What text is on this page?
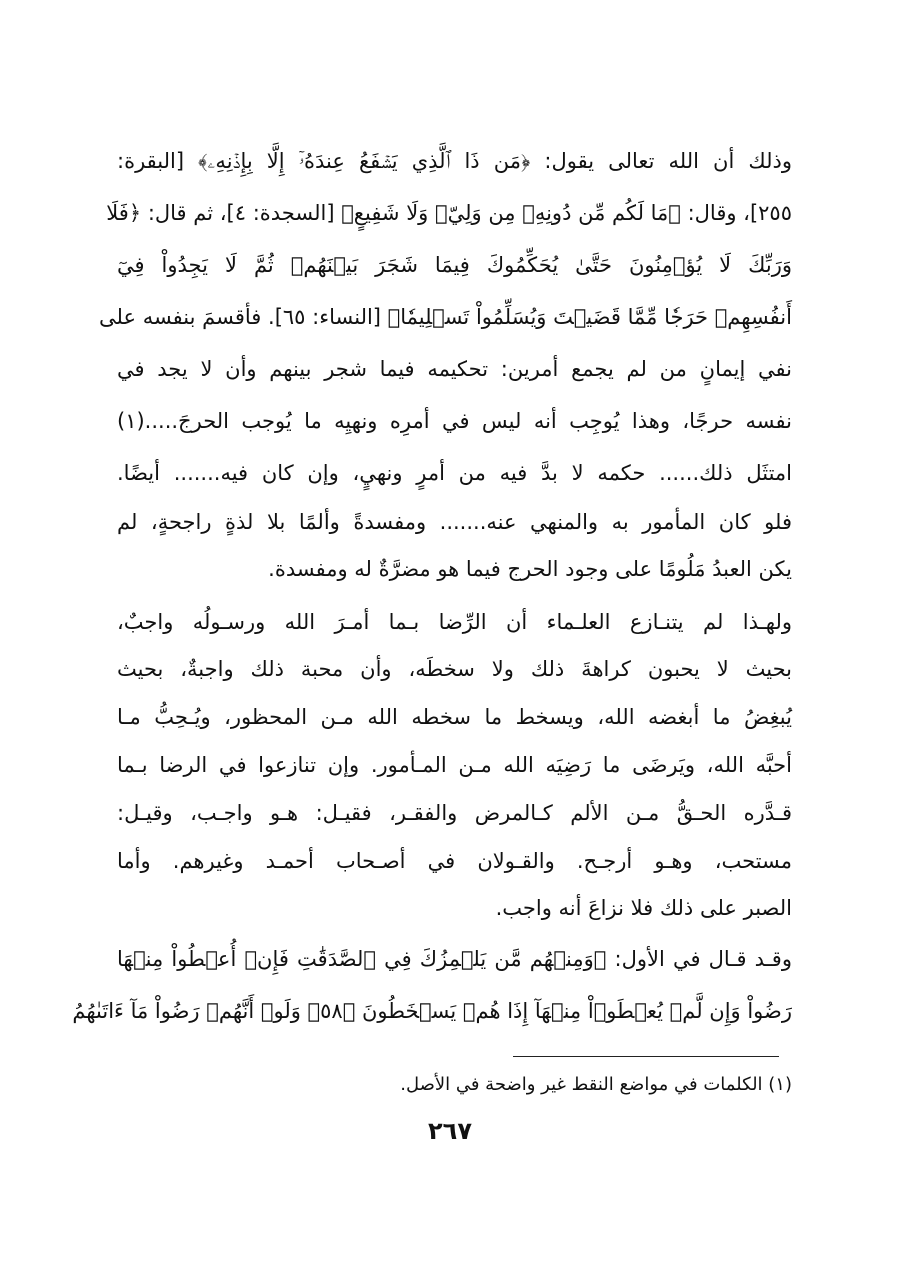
وذلك أن الله تعالى يقول: ﴿مَن ذَا ٱلَّذِي يَشۡفَعُ عِندَهُۥٓ إِلَّا بِإِذۡنِهِۦ﴾ [البقرة:
٢٥٥]، وقال: ﴿مَا لَكُم مِّن دُونِهِۦ مِن وَلِيّٖ وَلَا شَفِيعٍ﴾ [السجدة: ٤]، ثم قال: ﴿فَلَا
وَرَبِّكَ لَا يُؤۡمِنُونَ حَتَّىٰ يُحَكِّمُوكَ فِيمَا شَجَرَ بَيۡنَهُمۡ ثُمَّ لَا يَجِدُواْ فِيٓ
أَنفُسِهِمۡ حَرَجٗا مِّمَّا قَضَيۡتَ وَيُسَلِّمُواْ تَسۡلِيمٗا﴾ [النساء: ٦٥]. فأقسمَ بنفسه على
نفي إيمانٍ من لم يجمع أمرين: تحكيمه فيما شجر بينهم وأن لا يجد في
نفسه حرجًا، وهذا يُوجِب أنه ليس في أمرِه ونهيِه ما يُوجب الحرجَ.....(١)
امتثَل ذلك...... حكمه لا بدَّ فيه من أمرٍ ونهيٍ، وإن كان فيه....... أيضًا.
فلو كان المأمور به والمنهي عنه....... ومفسدةً وألمًا بلا لذةٍ راجحةٍ، لم
يكن العبدُ مَلُومًا على وجود الحرج فيما هو مضرَّةٌ له ومفسدة.
ولهـذا لم يتنـازع العلـماء أن الرِّضا بـما أمـرَ الله ورسـولُه واجبٌ،
بحيث لا يحبون كراهةَ ذلك ولا سخطَه، وأن محبة ذلك واجبةٌ، بحيث
يُبغِضُ ما أبغضه الله، ويسخط ما سخطه الله مـن المحظور، ويُـحِبُّ مـا
أحبَّه الله، ويَرضَى ما رَضِيَه الله مـن المـأمور. وإن تنازعوا في الرضا بـما
قـدَّره الحـقُّ مـن الألم كـالمرض والفقـر، فقيـل: هـو واجـب، وقيـل:
مستحب، وهـو أرجـح. والقـولان في أصـحاب أحمـد وغيرهم. وأما
الصبر على ذلك فلا نزاعَ أنه واجب.
وقـد قـال في الأول: ﴿وَمِنۡهُم مَّن يَلۡمِزُكَ فِي ٱلصَّدَقَٰتِ فَإِنۡ أُعۡطُواْ مِنۡهَا
رَضُواْ وَإِن لَّمۡ يُعۡطَوۡاْ مِنۡهَآ إِذَا هُمۡ يَسۡخَطُونَ ﴿٥٨﴾ وَلَوۡ أَنَّهُمۡ رَضُواْ مَآ ءَاتَىٰهُمُ
(١) الكلمات في مواضع النقط غير واضحة في الأصل.
٢٦٧
